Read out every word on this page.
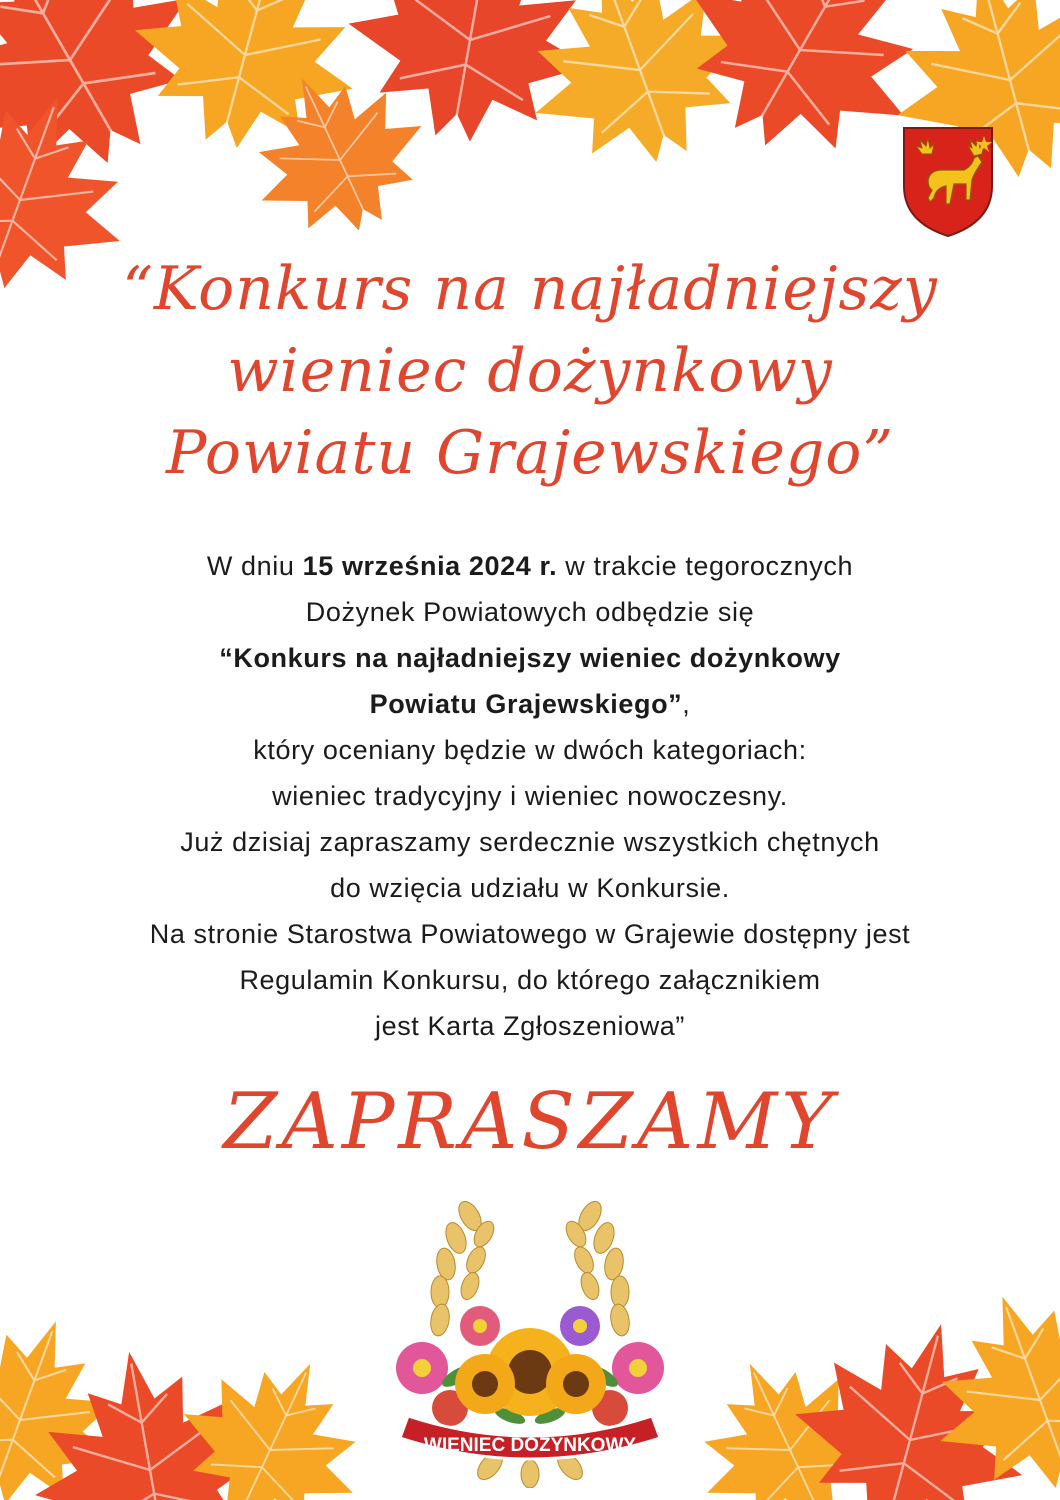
“Konkurs na najładniejszy
wieniec dożynkowy
Powiatu Grajewskiego”
W dniu 15 września 2024 r. w trakcie tegorocznych
Dożynek Powiatowych odbędzie się
“Konkurs na najładniejszy wieniec dożynkowy
Powiatu Grajewskiego”,
który oceniany będzie w dwóch kategoriach:
wieniec tradycyjny i wieniec nowoczesny.
Już dzisiaj zapraszamy serdecznie wszystkich chętnych
do wzięcia udziału w Konkursie.
Na stronie Starostwa Powiatowego w Grajewie dostępny jest
Regulamin Konkursu, do którego załącznikiem
jest Karta Zgłoszeniowa”
ZAPRASZAMY
WIENIEC DOŻYNKOWY
